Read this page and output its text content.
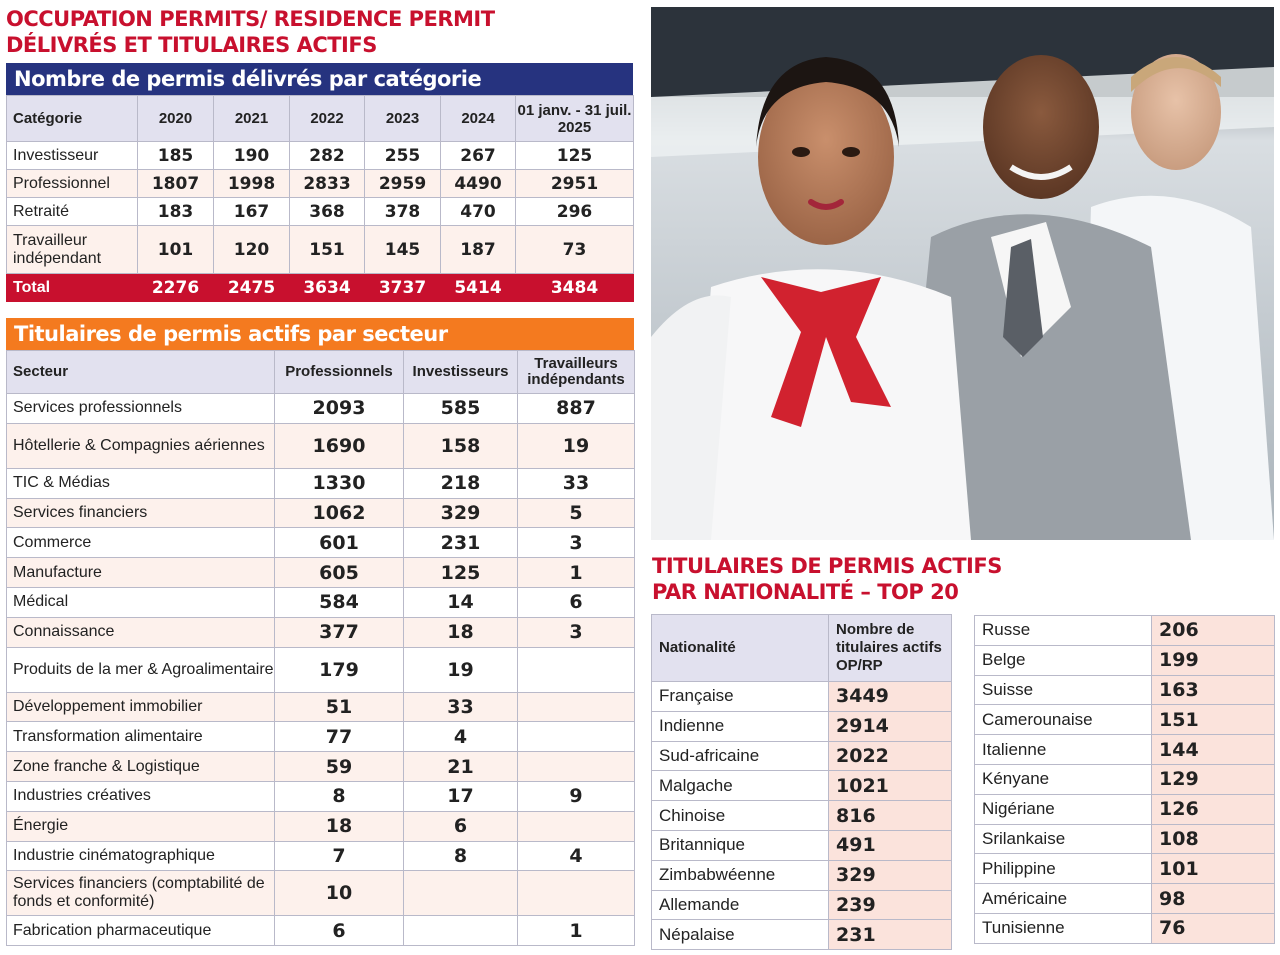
OCCUPATION PERMITS/ RESIDENCE PERMIT
DÉLIVRÉS ET TITULAIRES ACTIFS
Nombre de permis délivrés par catégorie
Catégorie	2020	2021	2022	2023	2024	01 janv. - 31 juil. 2025
Investisseur	185	190	282	255	267	125
Professionnel	1807	1998	2833	2959	4490	2951
Retraité	183	167	368	378	470	296
Travailleur indépendant	101	120	151	145	187	73
Total	2276	2475	3634	3737	5414	3484
Titulaires de permis actifs par secteur
Secteur	Professionnels	Investisseurs	Travailleurs indépendants
Services professionnels	2093	585	887
Hôtellerie & Compagnies aériennes	1690	158	19
TIC & Médias	1330	218	33
Services financiers	1062	329	5
Commerce	601	231	3
Manufacture	605	125	1
Médical	584	14	6
Connaissance	377	18	3
Produits de la mer & Agroalimentaire	179	19	
Développement immobilier	51	33	
Transformation alimentaire	77	4	
Zone franche & Logistique	59	21	
Industries créatives	8	17	9
Énergie	18	6	
Industrie cinématographique	7	8	4
Services financiers (comptabilité de fonds et conformité)	10		
Fabrication pharmaceutique	6		1
TITULAIRES DE PERMIS ACTIFS
PAR NATIONALITÉ – TOP 20
Nationalité	Nombre de titulaires actifs OP/RP
Française	3449
Indienne	2914
Sud-africaine	2022
Malgache	1021
Chinoise	816
Britannique	491
Zimbabwéenne	329
Allemande	239
Népalaise	231
Russe	206
Belge	199
Suisse	163
Camerounaise	151
Italienne	144
Kényane	129
Nigériane	126
Srilankaise	108
Philippine	101
Américaine	98
Tunisienne	76
